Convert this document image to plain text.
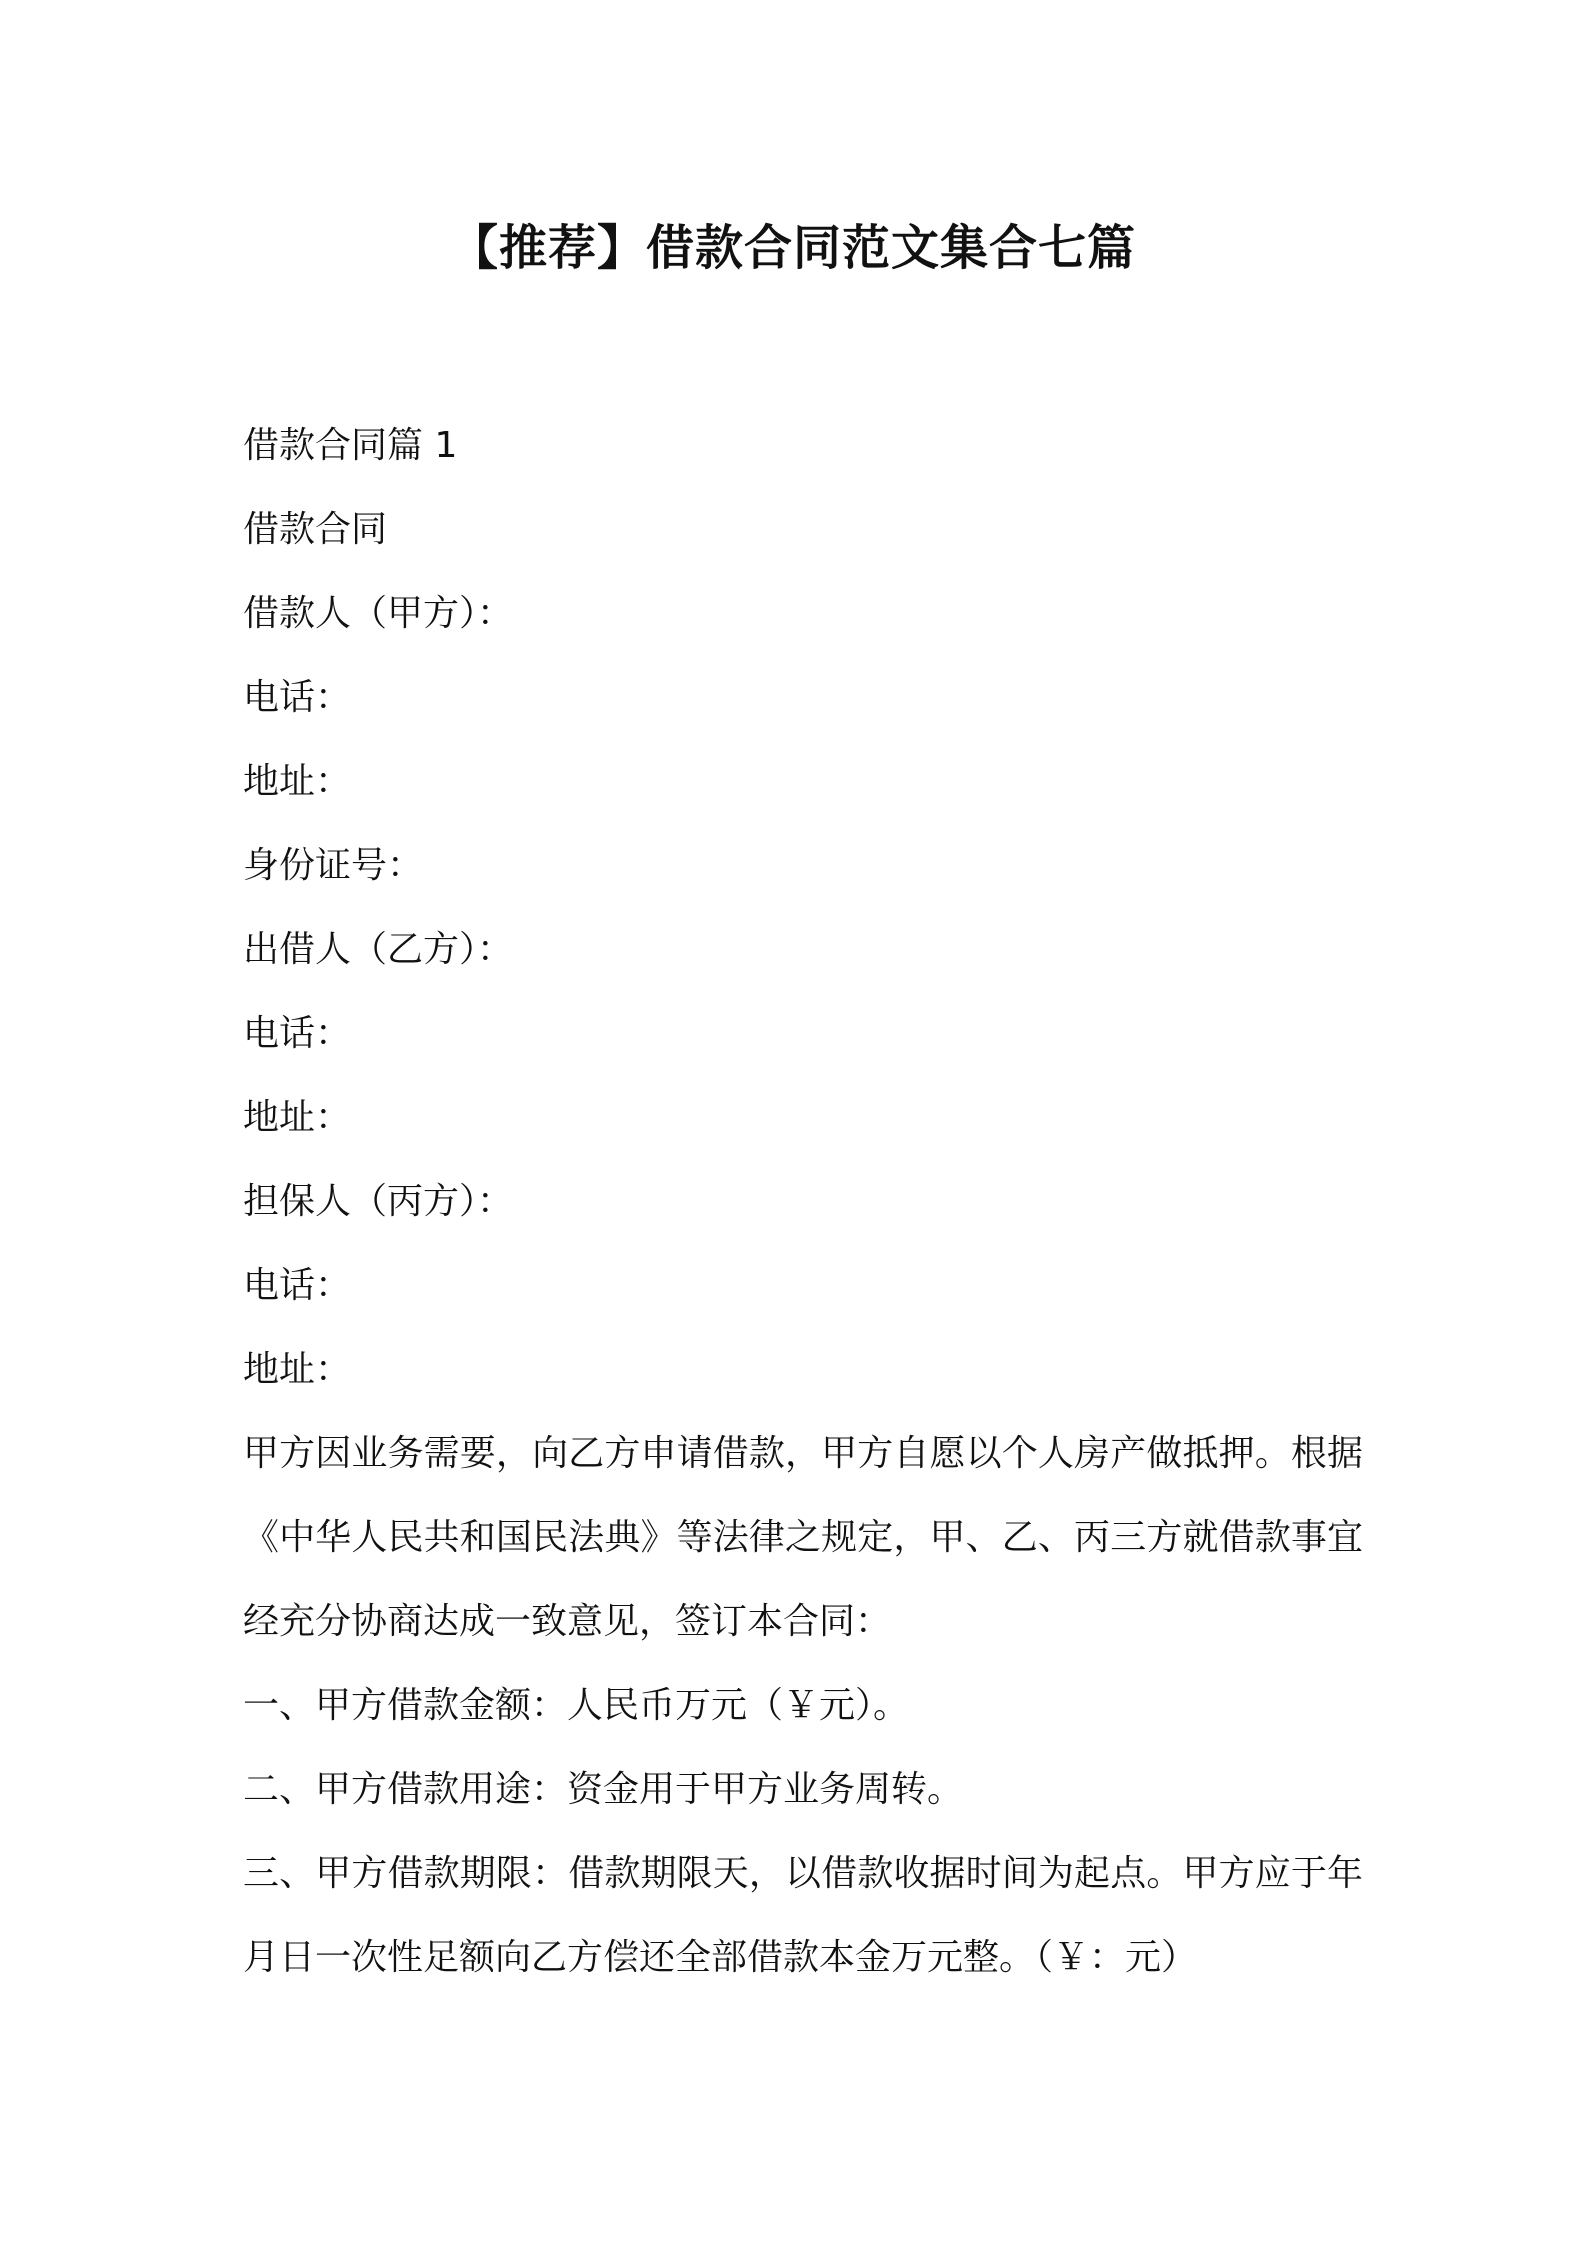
【推荐】借款合同范文集合七篇

借款合同篇 1

借款合同

借款人（甲方）：

电话：

地址：

身份证号：

出借人（乙方）：

电话：

地址：

担保人（丙方）：

电话：

地址：

甲方因业务需要，向乙方申请借款，甲方自愿以个人房产做抵押。根据《中华人民共和国民法典》等法律之规定，甲、乙、丙三方就借款事宜经充分协商达成一致意见，签订本合同：

一、甲方借款金额：人民币万元（￥元）。

二、甲方借款用途：资金用于甲方业务周转。

三、甲方借款期限：借款期限天，以借款收据时间为起点。甲方应于年月日一次性足额向乙方偿还全部借款本金万元整。（￥：元）
